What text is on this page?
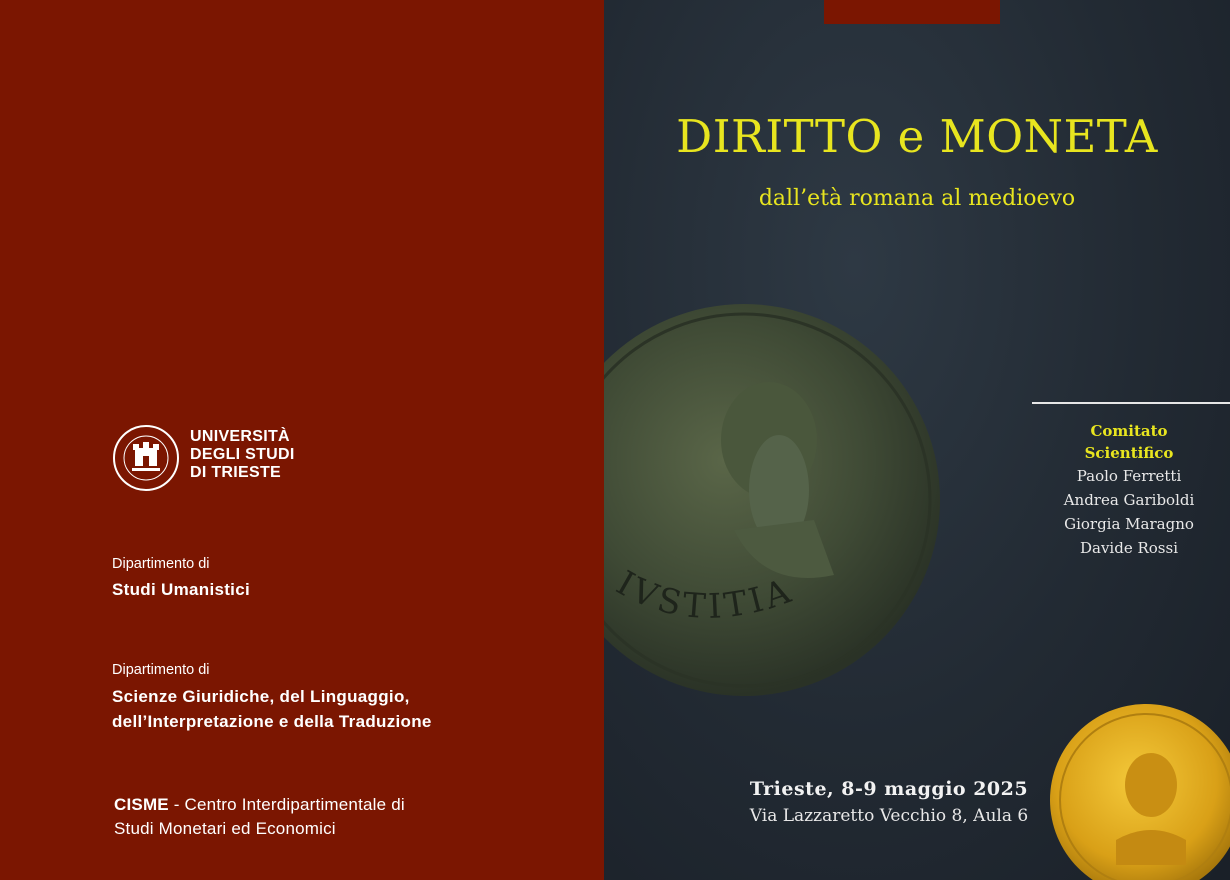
UNIVERSITÀ
DEGLI STUDI
DI TRIESTE
Dipartimento di
Studi Umanistici
Dipartimento di
Scienze Giuridiche, del Linguaggio,
dell’Interpretazione e della Traduzione
CISME - Centro Interdipartimentale di
Studi Monetari ed Economici
DIRITTO e MONETA
dall’età romana al medioevo
IVSTITIA
Comitato
Scientifico
Paolo Ferretti
Andrea Gariboldi
Giorgia Maragno
Davide Rossi
Trieste, 8-9 maggio 2025
Via Lazzaretto Vecchio 8, Aula 6
